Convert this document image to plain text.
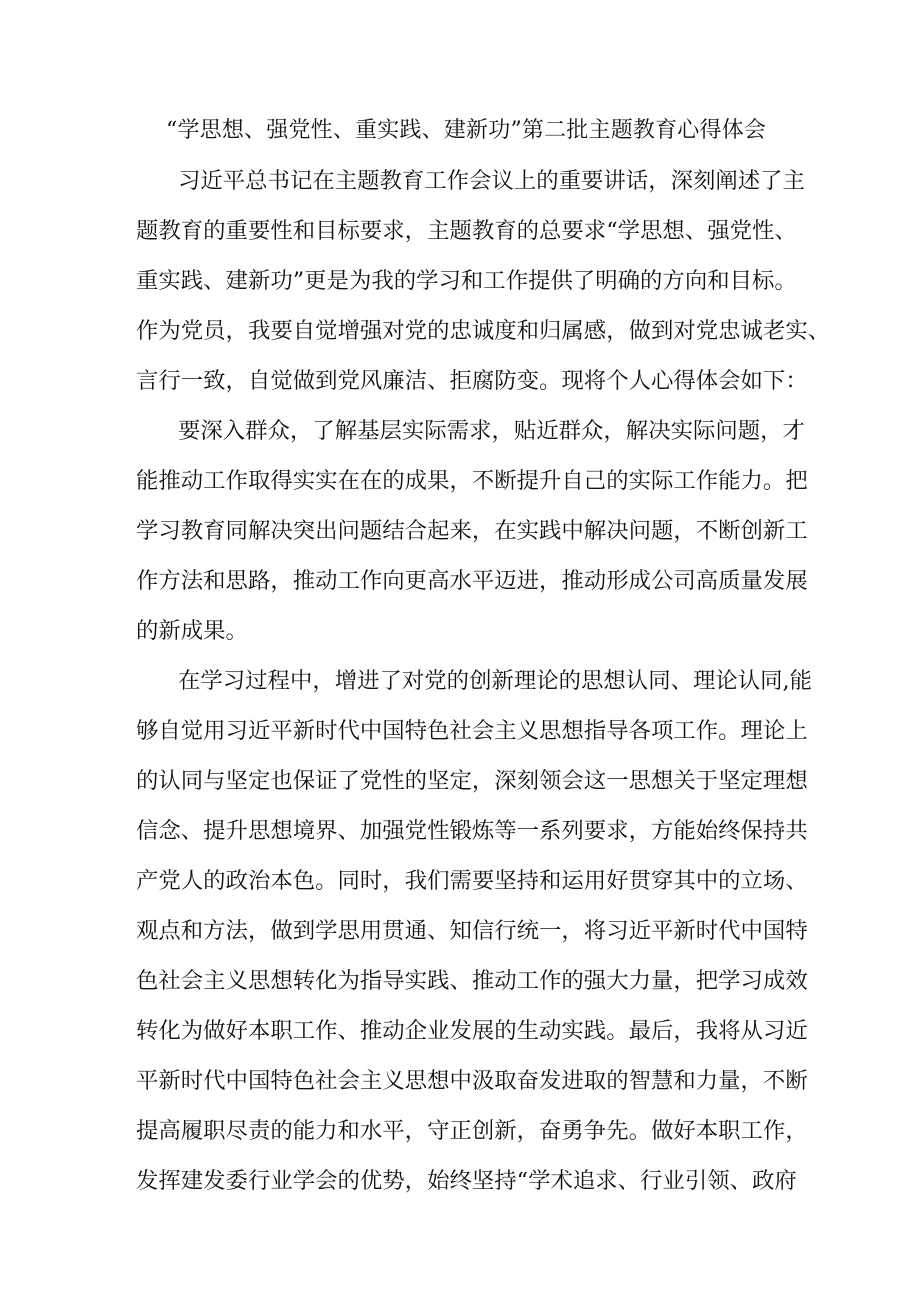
“学思想、强党性、重实践、建新功”第二批主题教育心得体会
习近平总书记在主题教育工作会议上的重要讲话，深刻阐述了主
题教育的重要性和目标要求，主题教育的总要求“学思想、强党性、
重实践、建新功”更是为我的学习和工作提供了明确的方向和目标。
作为党员，我要自觉增强对党的忠诚度和归属感，做到对党忠诚老实、
言行一致，自觉做到党风廉洁、拒腐防变。现将个人心得体会如下：
要深入群众，了解基层实际需求，贴近群众，解决实际问题，才
能推动工作取得实实在在的成果，不断提升自己的实际工作能力。把
学习教育同解决突出问题结合起来，在实践中解决问题，不断创新工
作方法和思路，推动工作向更高水平迈进，推动形成公司高质量发展
的新成果。
在学习过程中，增进了对党的创新理论的思想认同、理论认同,能
够自觉用习近平新时代中国特色社会主义思想指导各项工作。理论上
的认同与坚定也保证了党性的坚定，深刻领会这一思想关于坚定理想
信念、提升思想境界、加强党性锻炼等一系列要求，方能始终保持共
产党人的政治本色。同时，我们需要坚持和运用好贯穿其中的立场、
观点和方法，做到学思用贯通、知信行统一，将习近平新时代中国特
色社会主义思想转化为指导实践、推动工作的强大力量，把学习成效
转化为做好本职工作、推动企业发展的生动实践。最后，我将从习近
平新时代中国特色社会主义思想中汲取奋发进取的智慧和力量，不断
提高履职尽责的能力和水平，守正创新，奋勇争先。做好本职工作，
发挥建发委行业学会的优势，始终坚持“学术追求、行业引领、政府
